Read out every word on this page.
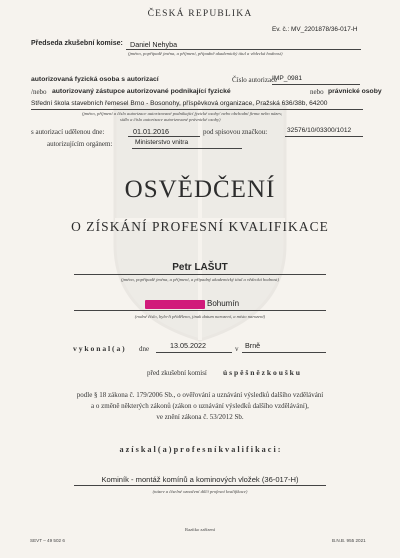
ČESKÁ REPUBLIKA
Ev. č.: MV_2201878/36-017-H
Předseda zkušební komise: Daniel Nehyba
(jméno, popřípadě jména, a příjmení, případně akademický titul a vědecká hodnost)
autorizovaná fyzická osoba s autorizací	Číslo autorizace
IMP_0981
/nebo autorizovaný zástupce autorizované podnikající fyzické	nebo právnické osoby
Střední škola stavebních řemesel Brno - Bosonohy, příspěvková organizace, Pražská 636/38b, 64200
(jméno, příjmení a číslo autorizace autorizované podnikající fyzické osoby/ nebo obchodní firma nebo název,
sídlo a číslo autorizace autorizované právnické osoby)
s autorizací udělenou dne:	01.01.2016	pod spisovou značkou:	32576/10/03300/1012
autorizujícím orgánem:	Ministerstvo vnitra
OSVĚDČENÍ
O ZÍSKÁNÍ PROFESNÍ KVALIFIKACE
Petr LAŠUT
(jméno, popřípadě jména, a příjmení, a případný akademický titul a vědecká hodnost)
Bohumín
(rodné číslo, bylo-li přiděleno, jinak datum narození, a místo narození)
v y k o n a l ( a ) dne	13.05.2022	v Brně
před zkušební komisí ú s p ě š n ě z k o u š k u
podle § 18 zákona č. 179/2006 Sb., o ověřování a uznávání výsledků dalšího vzdělávání
a o změně některých zákonů (zákon o uznávání výsledků dalšího vzdělávání),
ve znění zákona č. 53/2012 Sb.
a z í s k a l ( a ) p r o f e s n í k v a l i f i k a c i :
Kominík - montáž komínů a kominových vložek (36-017-H)
(název a číselné označení dílčí profesní kvalifikace)
Razítko zařízení
SEVT – 49 502 6	B.N.B. 955 2021
